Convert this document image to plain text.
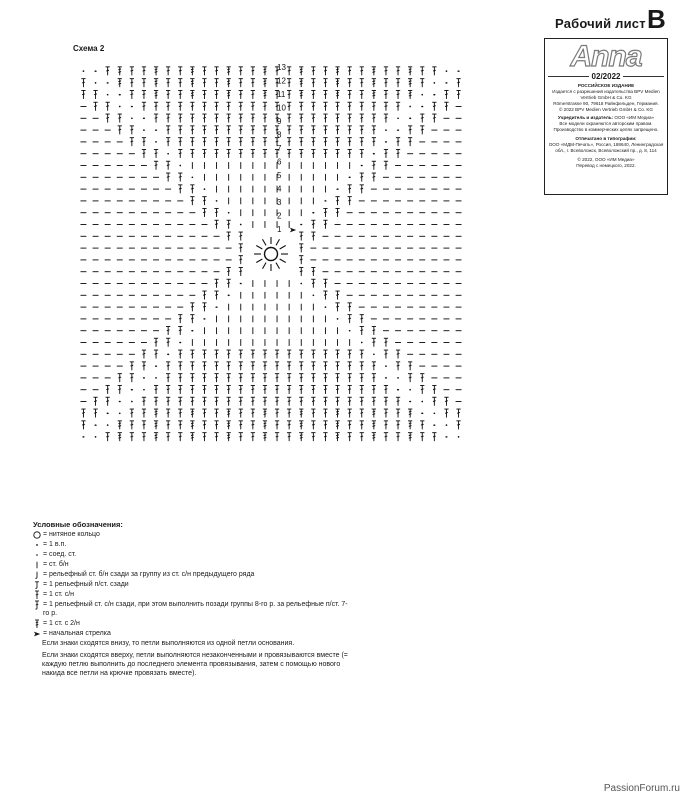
Рабочий лист B
Anna
02/2022
РОССИЙСКОЕ ИЗДАНИЕ
Издается с разрешения издательства BPV Medien
Vertrieb GmbH & Co. KG
Römerstrasse 90, 79618 Райнфельден, Германия.
© 2022 BPV Medien Vertrieb GmbH & Co. KG
Учредитель и издатель: ООО «ИМ Медиа»
Все модели охраняются авторским правом.
Производство в коммерческих целях запрещено.
Отпечатано в типографии:
ООО «МДМ-Печать», Россия, 188640, Ленинградская
обл., г. Всеволожск, Всеволожский пр., д. 8, 114
© 2022, ООО «ИМ Медиа»
Перевод с немецкого, 2022.
Схема 2
1
2
3
4
5
6
7
8
9
10
11
12
13
Условные обозначения:
= нитяное кольцо
= 1 в.п.
= соед. ст.
= ст. б/н
= рельефный ст. б/н сзади за группу из ст. с/н предыдущего ряда
= 1 рельефный п/ст. сзади
= 1 ст. с/н
= 1 рельефный ст. с/н сзади, при этом выполнить позади группы 8-го р. за рельефные п/ст. 7-го р.
= 1 ст. с 2/н
= начальная стрелка

Если знаки сходятся внизу, то петли выполняются из одной петли основания.

Если знаки сходятся вверху, петли выполняются незаконченными и провязываются вместе (= каждую петлю выполнить до последнего элемента провязывания, затем с помощью нового накида все петли на крючке провязать вместе).

PassionForum.ru
